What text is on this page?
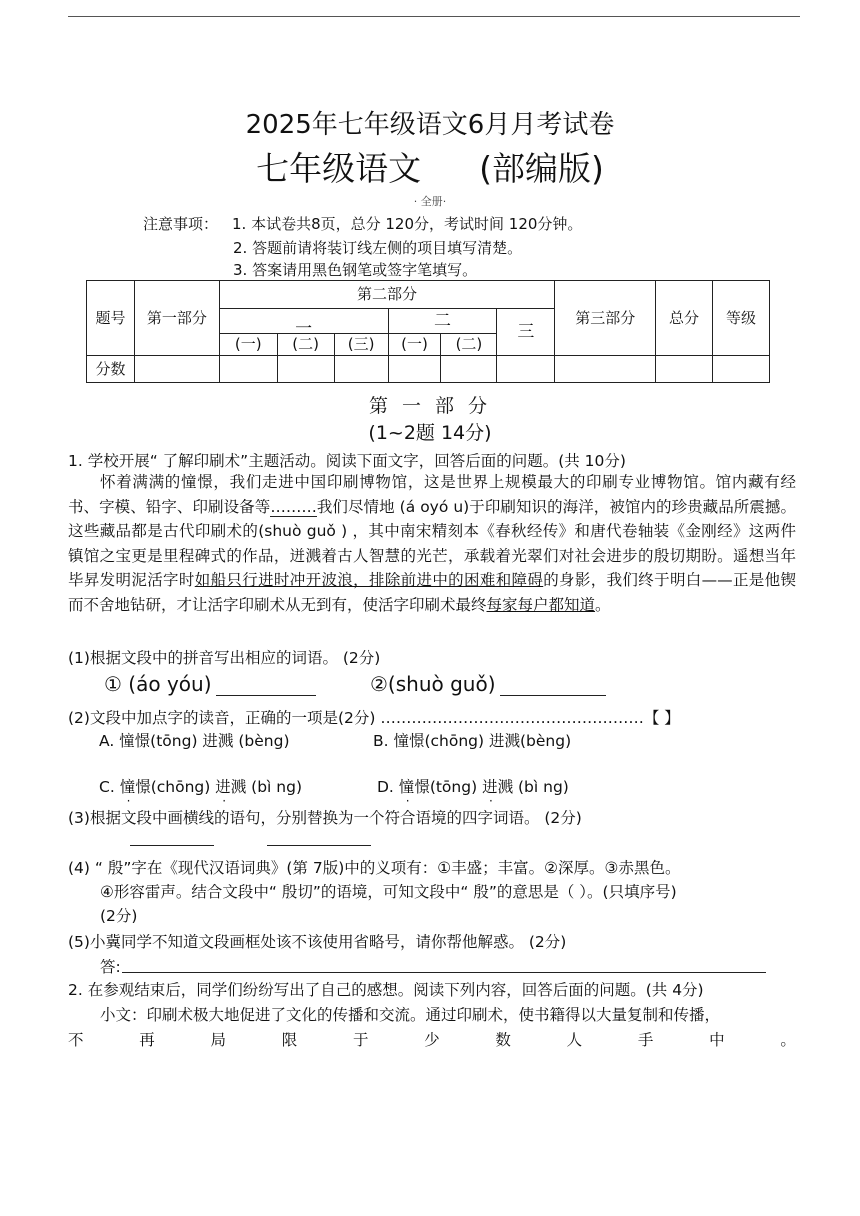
2025年七年级语文6月月考试卷
七年级语文 (部编版)
· 全册·
注意事项： 1. 本试卷共8页，总分 120分，考试时间 120分钟。
2. 答题前请将装订线左侧的项目填写清楚。
3. 答案请用黑色钢笔或签字笔填写。
题号	第一部分	第二部分						第三部分	总分	等级
		一			二		三			
		(一)	(二)	(三)	(一)	(二)				
分数										
第 一 部 分
(1~2题 14分)
1. 学校开展“ 了解印刷术”主题活动。阅读下面文字，回答后面的问题。(共 10分)
怀着满满的憧憬，我们走进中国印刷博物馆，这是世界上规模最大的印刷专业博物馆。馆内藏有经书、字模、铅字、印刷设备等………我们尽情地 (á oyó u)于印刷知识的海洋，被馆内的珍贵藏品所震撼。这些藏品都是古代印刷术的(shuò guǒ ) ，其中南宋精刻本《春秋经传》和唐代卷轴装《金刚经》这两件镇馆之宝更是里程碑式的作品，迸溅着古人智慧的光芒，承载着光翠们对社会进步的殷切期盼。遥想当年毕昇发明泥活字时如船只行进时冲开波浪，排除前进中的困难和障碍的身影，我们终于明白——正是他锲而不舍地钻研，才让活字印刷术从无到有，使活字印刷术最终每家每户都知道。
(1)根据文段中的拼音写出相应的词语。 (2分)
① (áo yóu)	②(shuò guǒ)
(2)文段中加点字的读音，正确的一项是(2分) ……………………………………………【 】
A. 憧憬(tōng) 进溅 (bèng)	B. 憧憬(chōng) 进溅(bèng)
C. 憧憬(chōng) 进溅 (bì ng)	D. 憧憬(tōng) 进溅 (bì ng)
(3)根据文段中画横线的语句，分别替换为一个符合语境的四字词语。 (2分)
(4) “ 殷”字在《现代汉语词典》(第 7版)中的义项有：①丰盛；丰富。②深厚。③赤黑色。
④形容雷声。结合文段中“ 殷切”的语境，可知文段中“ 殷”的意思是（ ）。(只填序号)
(2分)
(5)小冀同学不知道文段画框处该不该使用省略号，请你帮他解惑。 (2分)
答:
2. 在参观结束后，同学们纷纷写出了自己的感想。阅读下列内容，回答后面的问题。(共 4分)
小文：印刷术极大地促进了文化的传播和交流。通过印刷术，使书籍得以大量复制和传播，
不	再	局	限	于	少	数	人	手	中	。
